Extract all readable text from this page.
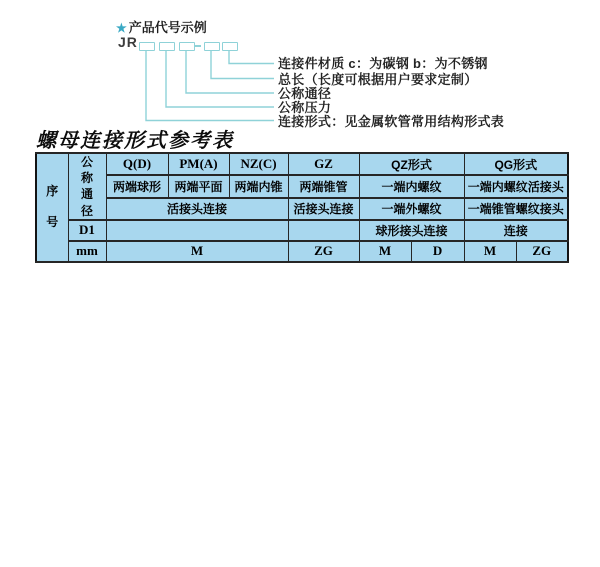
★ 产品代号示例
JR
连接件材质 c：为碳钢 b：为不锈钢
总长（长度可根据用户要求定制）
公称通径
公称压力
连接形式：见金属软管常用结构形式表
螺母连接形式参考表
序号	公称通径	Q(D)	PM(A)	NZ(C)	GZ	QZ形式		QG形式	
		两端球形	两端平面	两端内锥	两端锥管	一端内螺纹		一端内螺纹活接头	
		活接头连接			活接头连接	一端外螺纹		一端锥管螺纹接头	
	D1					球形接头连接		连接	
	mm	M			ZG	M	D	M	ZG
